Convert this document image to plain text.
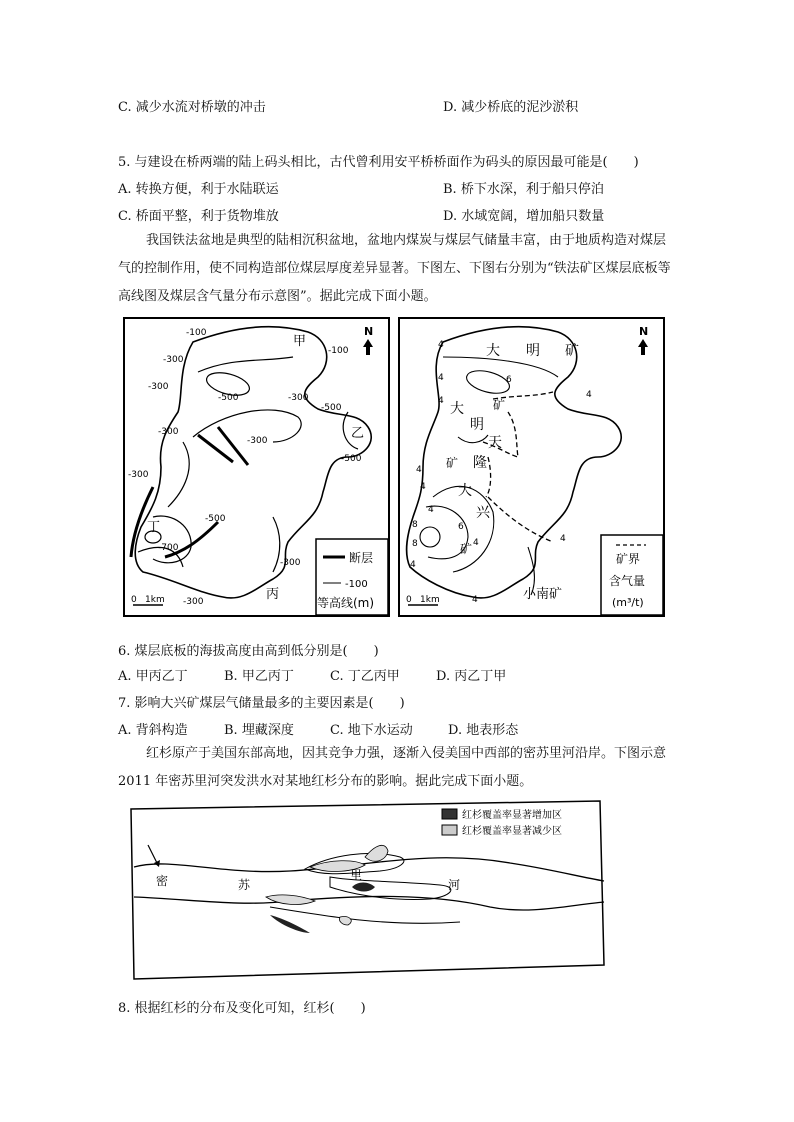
C. 减少水流对桥墩的冲击	D. 减少桥底的泥沙淤积
5. 与建设在桥两端的陆上码头相比，古代曾利用安平桥桥面作为码头的原因最可能是(　　)
A. 转换方便，利于水陆联运	B. 桥下水深，利于船只停泊
C. 桥面平整，利于货物堆放	D. 水域宽阔，增加船只数量
我国铁法盆地是典型的陆相沉积盆地，盆地内煤炭与煤层气储量丰富，由于地质构造对煤层气的控制作用，使不同构造部位煤层厚度差异显著。下图左、下图右分别为“铁法矿区煤层底板等高线图及煤层含气量分布示意图”。据此完成下面小题。
甲
乙
丙
丁
-100
-300
-300
-300
-500	-300
-500
-300
-500
-100
-300
-500
-700
-300
-300
N
0 1km
断层
-100
等高线(m)
大 明 矿
大
明
矿
天
隆
矿
大
兴
矿
小南矿
4
4	6
4
4
4
4
4
4
6
8
8
4
4
4
N
0 1km
矿界
含气量
(m³/t)
6. 煤层底板的海拔高度由高到低分别是(　　)
A. 甲丙乙丁	B. 甲乙丙丁	C. 丁乙丙甲	D. 丙乙丁甲
7. 影响大兴矿煤层气储量最多的主要因素是(　　)
A. 背斜构造	B. 埋藏深度	C. 地下水运动	D. 地表形态
红杉原产于美国东部高地，因其竞争力强，逐渐入侵美国中西部的密苏里河沿岸。下图示意 2011 年密苏里河突发洪水对某地红杉分布的影响。据此完成下面小题。
红杉覆盖率显著增加区
红杉覆盖率显著减少区
密	苏
里
河
8. 根据红杉的分布及变化可知，红杉(　　)
